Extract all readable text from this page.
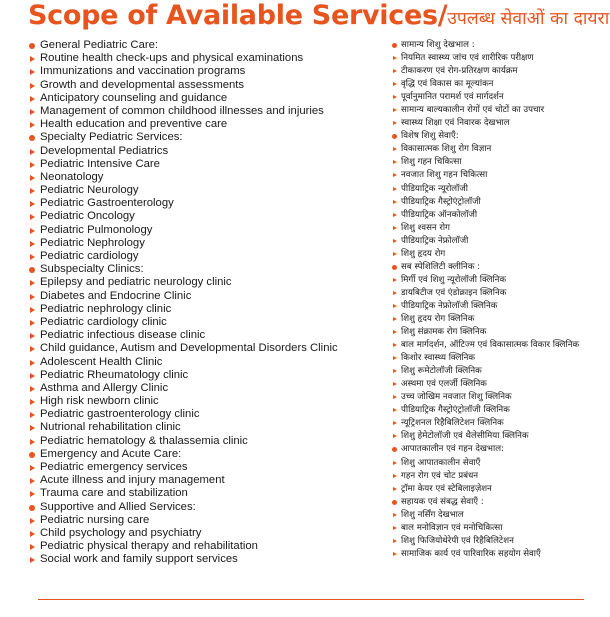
Scope of Available Services/उपलब्ध सेवाओं का दायरा
General Pediatric Care:
Routine health check-ups and physical examinations
Immunizations and vaccination programs
Growth and developmental assessments
Anticipatory counseling and guidance
Management of common childhood illnesses and injuries
Health education and preventive care
Specialty Pediatric Services:
Developmental Pediatrics
Pediatric Intensive Care
Neonatology
Pediatric Neurology
Pediatric Gastroenterology
Pediatric Oncology
Pediatric Pulmonology
Pediatric Nephrology
Pediatric cardiology
Subspecialty Clinics:
Epilepsy and pediatric neurology clinic
Diabetes and Endocrine Clinic
Pediatric nephrology clinic
Pediatric cardiology clinic
Pediatric infectious disease clinic
Child guidance, Autism and Developmental Disorders Clinic
Adolescent Health Clinic
Pediatric Rheumatology clinic
Asthma and Allergy Clinic
High risk newborn clinic
Pediatric gastroenterology clinic
Nutrional rehabilitation clinic
Pediatric hematology & thalassemia clinic
Emergency and Acute Care:
Pediatric emergency services
Acute illness and injury management
Trauma care and stabilization
Supportive and Allied Services:
Pediatric nursing care
Child psychology and psychiatry
Pediatric physical therapy and rehabilitation
Social work and family support services
सामान्य शिशु देखभाल :
नियमित स्वास्थ्य जांच एवं शारीरिक परीक्षण
टीकाकरण एवं रोग-प्रतिरक्षण कार्यक्रम
वृद्धि एवं विकास का मूल्यांकन
पूर्वानुमानित परामर्श एवं मार्गदर्शन
सामान्य बाल्यकालीन रोगों एवं चोटों का उपचार
स्वास्थ्य शिक्षा एवं निवारक देखभाल
विशेष शिशु सेवाएँ:
विकासात्मक शिशु रोग विज्ञान
शिशु गहन चिकित्सा
नवजात शिशु गहन चिकित्सा
पीडियाट्रिक न्यूरोलॉजी
पीडियाट्रिक गैस्ट्रोएंट्रोलॉजी
पीडियाट्रिक ऑनकोलॉजी
शिशु श्वसन रोग
पीडियाट्रिक नेफ्रोलॉजी
शिशु हृदय रोग
सब स्पेशिलिटी क्लीनिक :
मिर्गी एवं शिशु न्यूरोलॉजी क्लिनिक
डायबिटीज एवं एंडोक्राइन क्लिनिक
पीडियाट्रिक नेफ्रोलॉजी क्लिनिक
शिशु हृदय रोग क्लिनिक
शिशु संक्रामक रोग क्लिनिक
बाल मार्गदर्शन, ऑटिज्म एवं विकासात्मक विकार क्लिनिक
किशोर स्वास्थ्य क्लिनिक
शिशु रूमेटोलॉजी क्लिनिक
अस्थमा एवं एलर्जी क्लिनिक
उच्च जोखिम नवजात शिशु क्लिनिक
पीडियाट्रिक गैस्ट्रोएंट्रोलॉजी क्लिनिक
न्यूट्रिशनल रिहैबिलिटेशन क्लिनिक
शिशु हेमेटोलॉजी एवं थैलेसीमिया क्लिनिक
आपातकालीन एवं गहन देखभाल:
शिशु आपातकालीन सेवाएँ
गहन रोग एवं चोट प्रबंधन
ट्रॉमा केयर एवं स्टेबिलाइज़ेशन
सहायक एवं संबद्ध सेवाएँ :
शिशु नर्सिंग देखभाल
बाल मनोविज्ञान एवं मनोचिकित्सा
शिशु फिजियोथेरेपी एवं रिहैबिलिटेशन
सामाजिक कार्य एवं पारिवारिक सहयोग सेवाएँ
